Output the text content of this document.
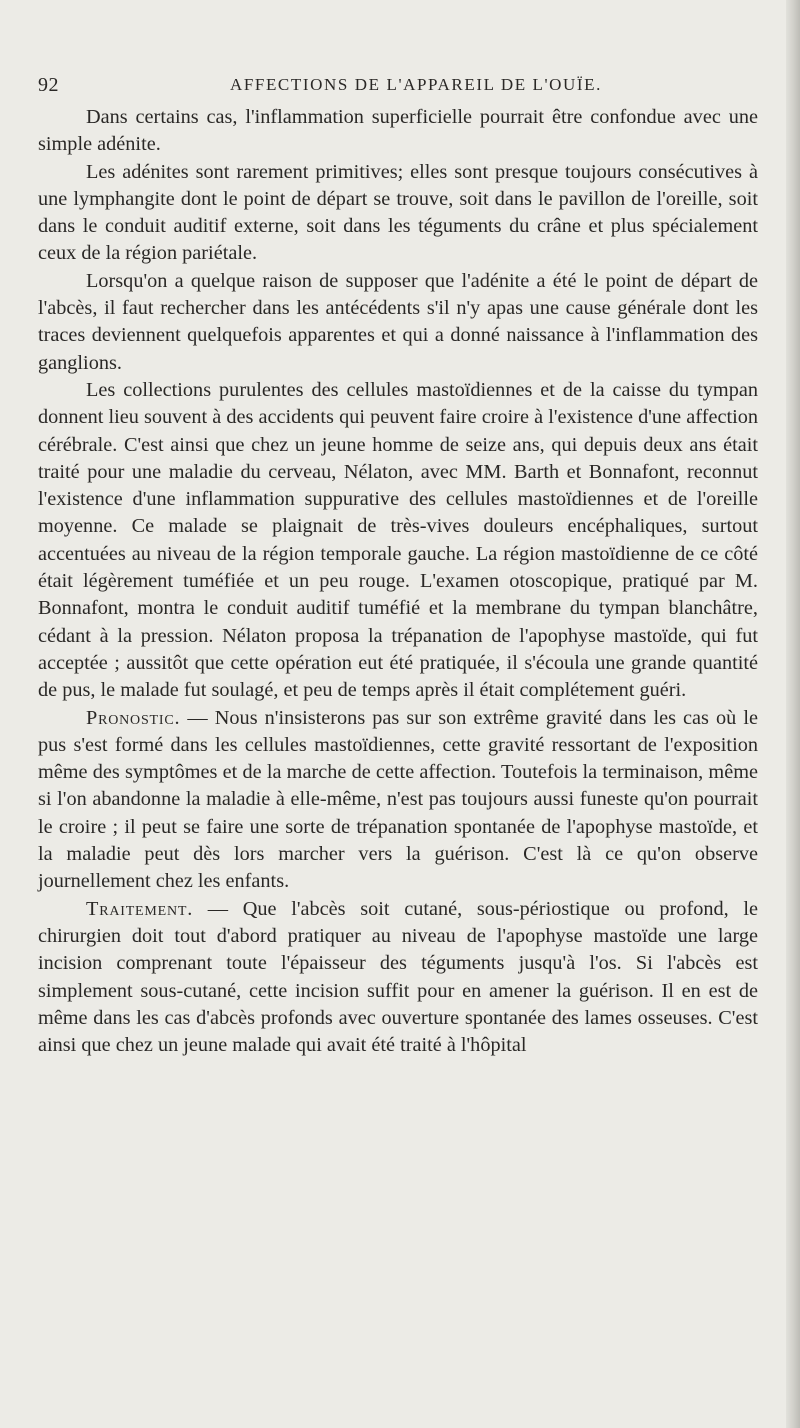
92	AFFECTIONS DE L'APPAREIL DE L'OUÏE.

Dans certains cas, l'inflammation superficielle pourrait être confondue avec une simple adénite.

Les adénites sont rarement primitives; elles sont presque toujours consécutives à une lymphangite dont le point de départ se trouve, soit dans le pavillon de l'oreille, soit dans le conduit auditif externe, soit dans les téguments du crâne et plus spécialement ceux de la région pariétale.

Lorsqu'on a quelque raison de supposer que l'adénite a été le point de départ de l'abcès, il faut rechercher dans les antécédents s'il n'y apas une cause générale dont les traces deviennent quelquefois apparentes et qui a donné naissance à l'inflammation des ganglions.

Les collections purulentes des cellules mastoïdiennes et de la caisse du tympan donnent lieu souvent à des accidents qui peuvent faire croire à l'existence d'une affection cérébrale. C'est ainsi que chez un jeune homme de seize ans, qui depuis deux ans était traité pour une maladie du cerveau, Nélaton, avec MM. Barth et Bonnafont, reconnut l'existence d'une inflammation suppurative des cellules mastoïdiennes et de l'oreille moyenne. Ce malade se plaignait de très-vives douleurs encéphaliques, surtout accentuées au niveau de la région temporale gauche. La région mastoïdienne de ce côté était légèrement tuméfiée et un peu rouge. L'examen otoscopique, pratiqué par M. Bonnafont, montra le conduit auditif tuméfié et la membrane du tympan blanchâtre, cédant à la pression. Nélaton proposa la trépanation de l'apophyse mastoïde, qui fut acceptée ; aussitôt que cette opération eut été pratiquée, il s'écoula une grande quantité de pus, le malade fut soulagé, et peu de temps après il était complétement guéri.

Pronostic. — Nous n'insisterons pas sur son extrême gravité dans les cas où le pus s'est formé dans les cellules mastoïdiennes, cette gravité ressortant de l'exposition même des symptômes et de la marche de cette affection. Toutefois la terminaison, même si l'on abandonne la maladie à elle-même, n'est pas toujours aussi funeste qu'on pourrait le croire ; il peut se faire une sorte de trépanation spontanée de l'apophyse mastoïde, et la maladie peut dès lors marcher vers la guérison. C'est là ce qu'on observe journellement chez les enfants.

Traitement. — Que l'abcès soit cutané, sous-périostique ou profond, le chirurgien doit tout d'abord pratiquer au niveau de l'apophyse mastoïde une large incision comprenant toute l'épaisseur des téguments jusqu'à l'os. Si l'abcès est simplement sous-cutané, cette incision suffit pour en amener la guérison. Il en est de même dans les cas d'abcès profonds avec ouverture spontanée des lames osseuses. C'est ainsi que chez un jeune malade qui avait été traité à l'hôpital
